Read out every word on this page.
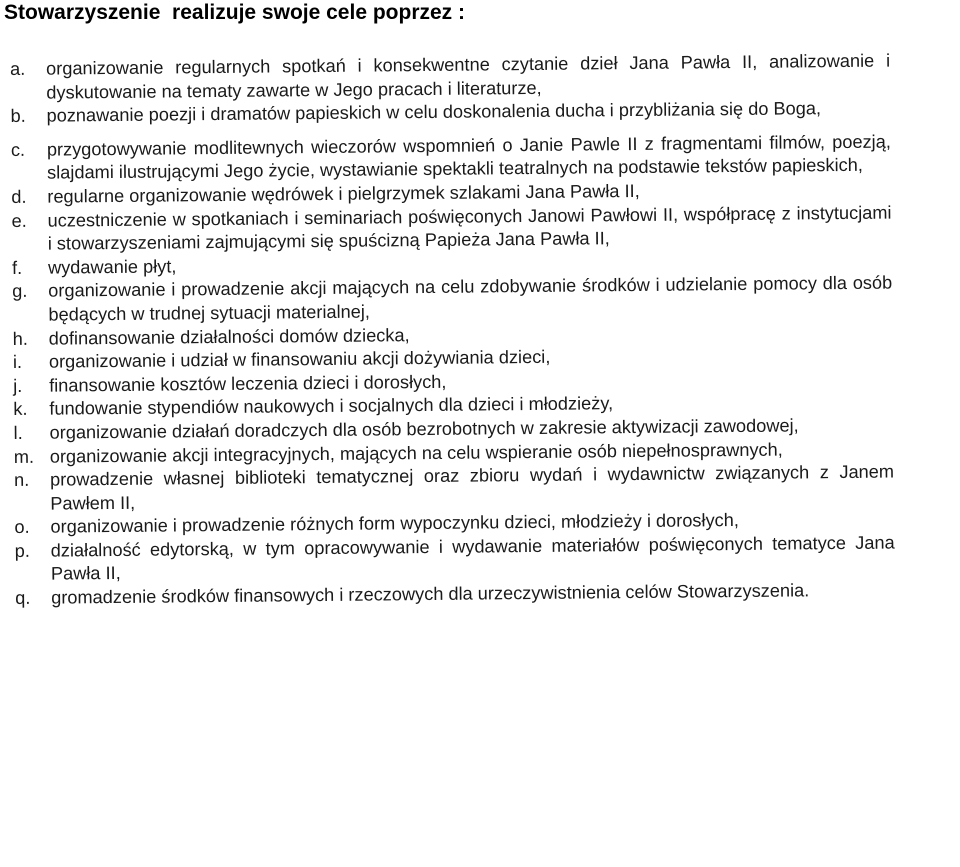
Stowarzyszenie  realizuje swoje cele poprzez :
a.	organizowanie regularnych spotkań i konsekwentne czytanie dzieł Jana Pawła II, analizowanie i dyskutowanie na tematy zawarte w Jego pracach i literaturze,
b.	poznawanie poezji i dramatów papieskich w celu doskonalenia ducha i przybliżania się do Boga,
c.	przygotowywanie modlitewnych wieczorów wspomnień o Janie Pawle II z fragmentami filmów, poezją, slajdami ilustrującymi Jego życie, wystawianie spektakli teatralnych na podstawie tekstów papieskich,
d.	regularne organizowanie wędrówek i pielgrzymek szlakami Jana Pawła II,
e.	uczestniczenie w spotkaniach i seminariach poświęconych Janowi Pawłowi II, współpracę z instytucjami i stowarzyszeniami zajmującymi się spuścizną Papieża Jana Pawła II,
f.	wydawanie płyt,
g.	organizowanie i prowadzenie akcji mających na celu zdobywanie środków i udzielanie pomocy dla osób będących w trudnej sytuacji materialnej,
h.	dofinansowanie działalności domów dziecka,
i.	organizowanie i udział w finansowaniu akcji dożywiania dzieci,
j.	finansowanie kosztów leczenia dzieci i dorosłych,
k.	fundowanie stypendiów naukowych i socjalnych dla dzieci i młodzieży,
l.	organizowanie działań doradczych dla osób bezrobotnych w zakresie aktywizacji zawodowej,
m. organizowanie akcji integracyjnych, mających na celu wspieranie osób niepełnosprawnych,
n.	prowadzenie własnej biblioteki tematycznej oraz zbioru wydań i wydawnictw związanych z Janem Pawłem II,
o.	organizowanie i prowadzenie różnych form wypoczynku dzieci, młodzieży i dorosłych,
p.	działalność edytorską, w tym opracowywanie i wydawanie materiałów poświęconych tematyce Jana Pawła II,
q.	gromadzenie środków finansowych i rzeczowych dla urzeczywistnienia celów Stowarzyszenia.
